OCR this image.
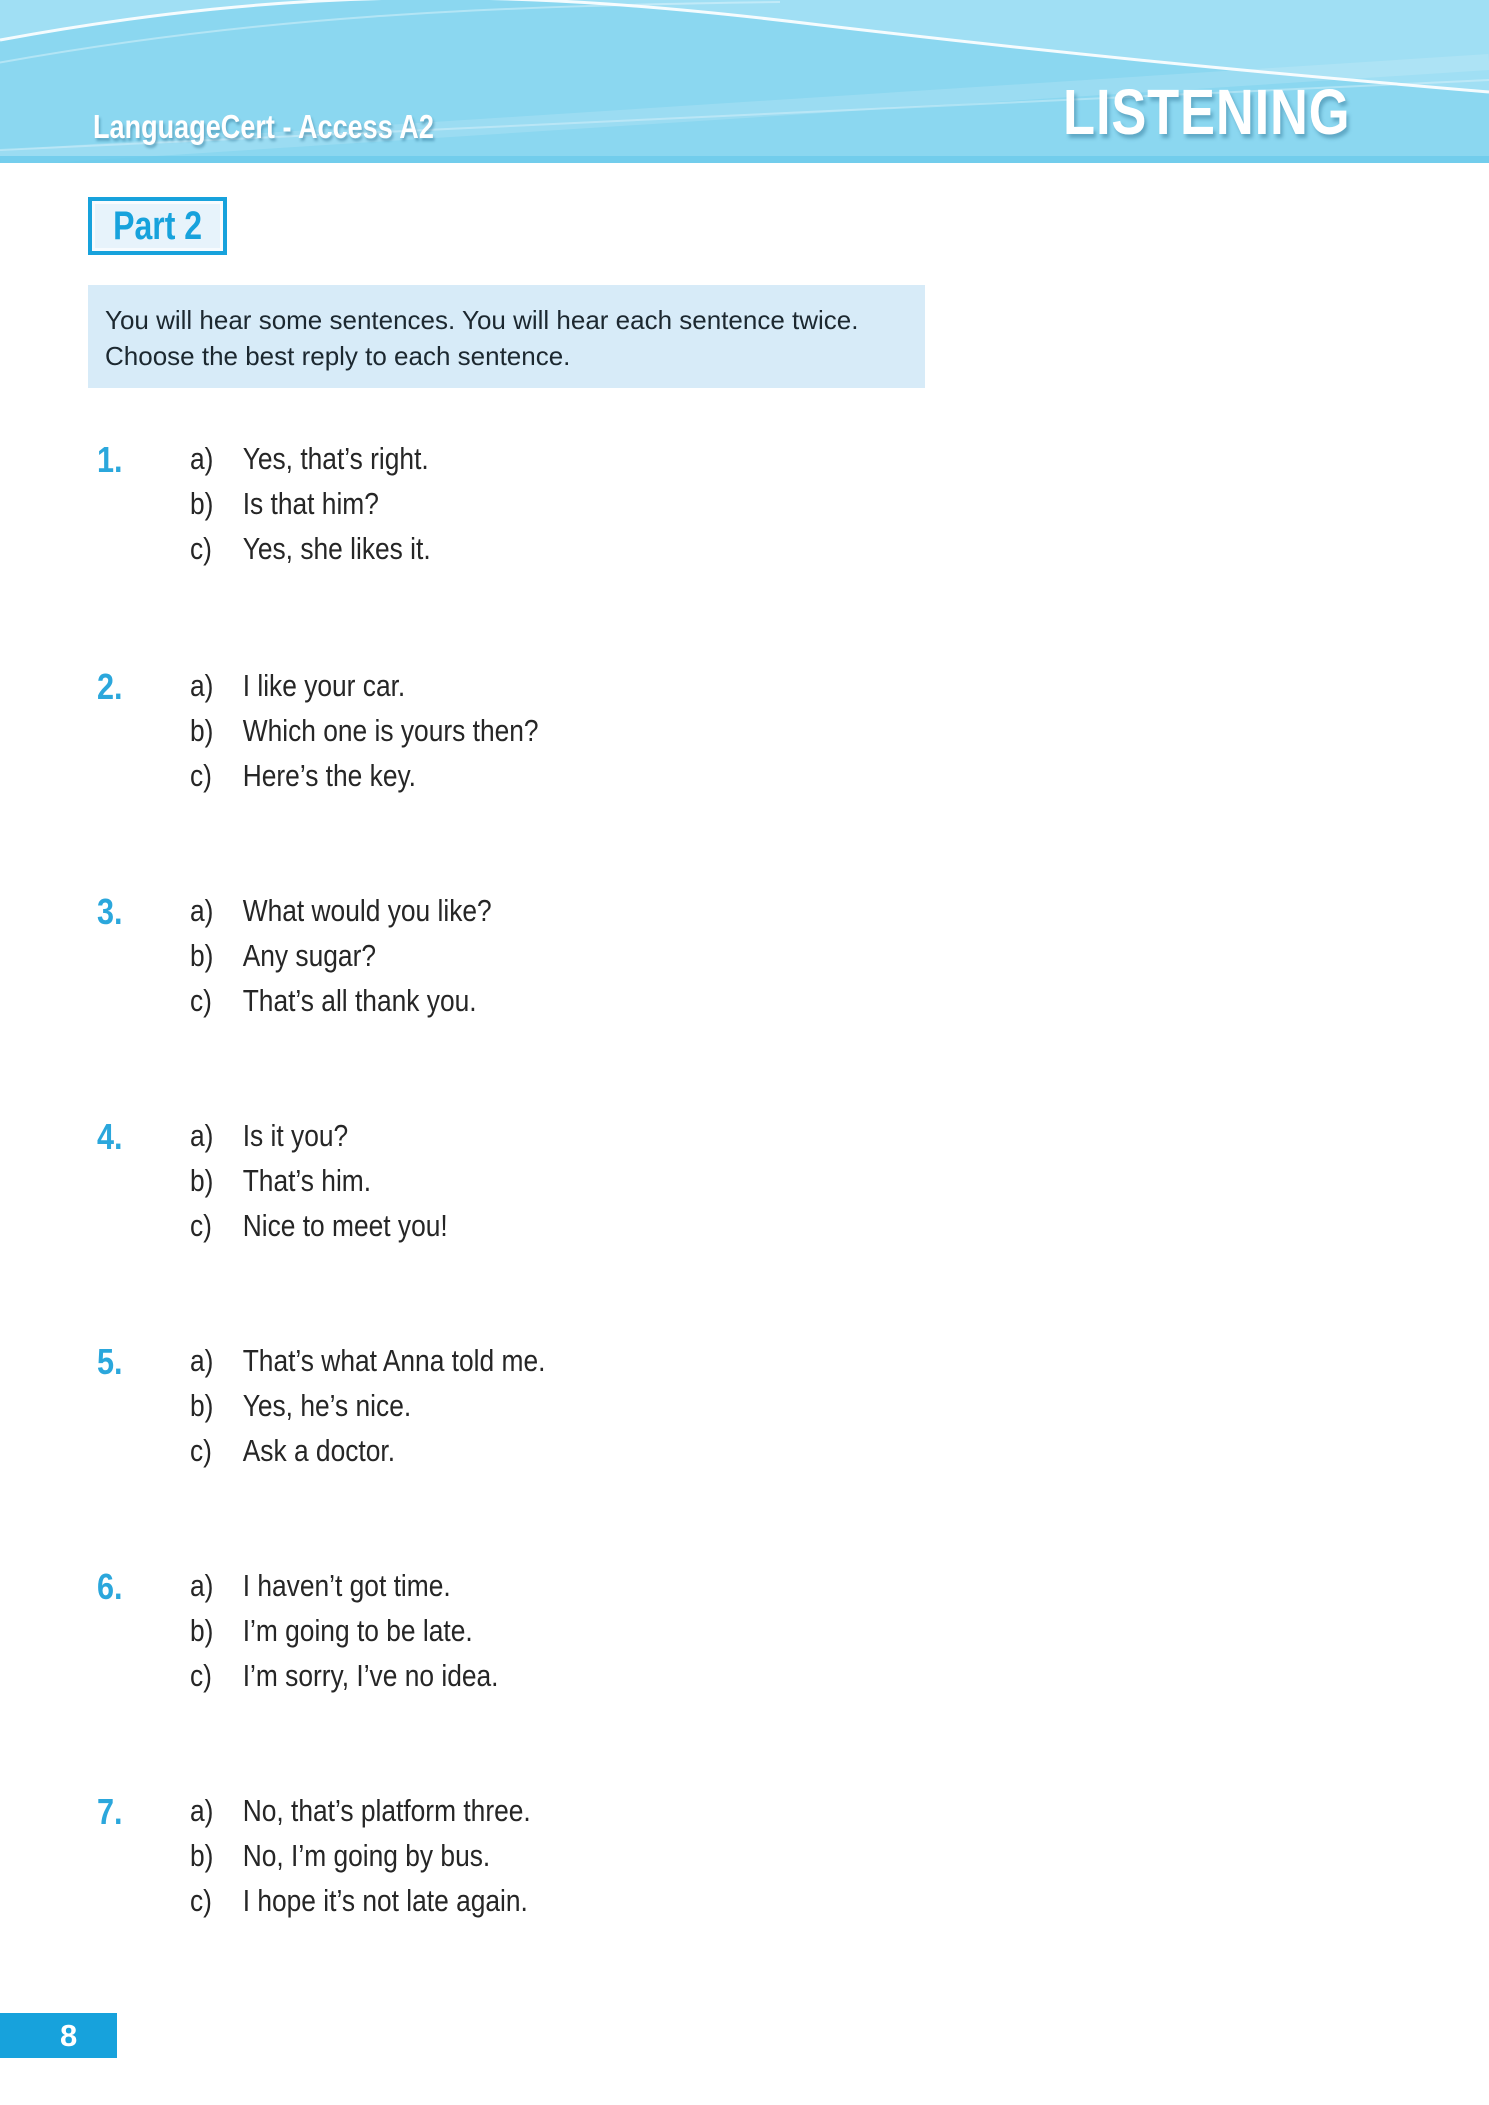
LanguageCert - Access A2	LISTENING
Part 2

You will hear some sentences. You will hear each sentence twice.

Choose the best reply to each sentence.

1. a) Yes, that’s right.
b) Is that him?
c) Yes, she likes it.
2. a) I like your car.
b) Which one is yours then?
c) Here’s the key.
3. a) What would you like?
b) Any sugar?
c) That’s all thank you.
4. a) Is it you?
b) That’s him.
c) Nice to meet you!
5. a) That’s what Anna told me.
b) Yes, he’s nice.
c) Ask a doctor.
6. a) I haven’t got time.
b) I’m going to be late.
c) I’m sorry, I’ve no idea.
7. a) No, that’s platform three.
b) No, I’m going by bus.
c) I hope it’s not late again.
8
